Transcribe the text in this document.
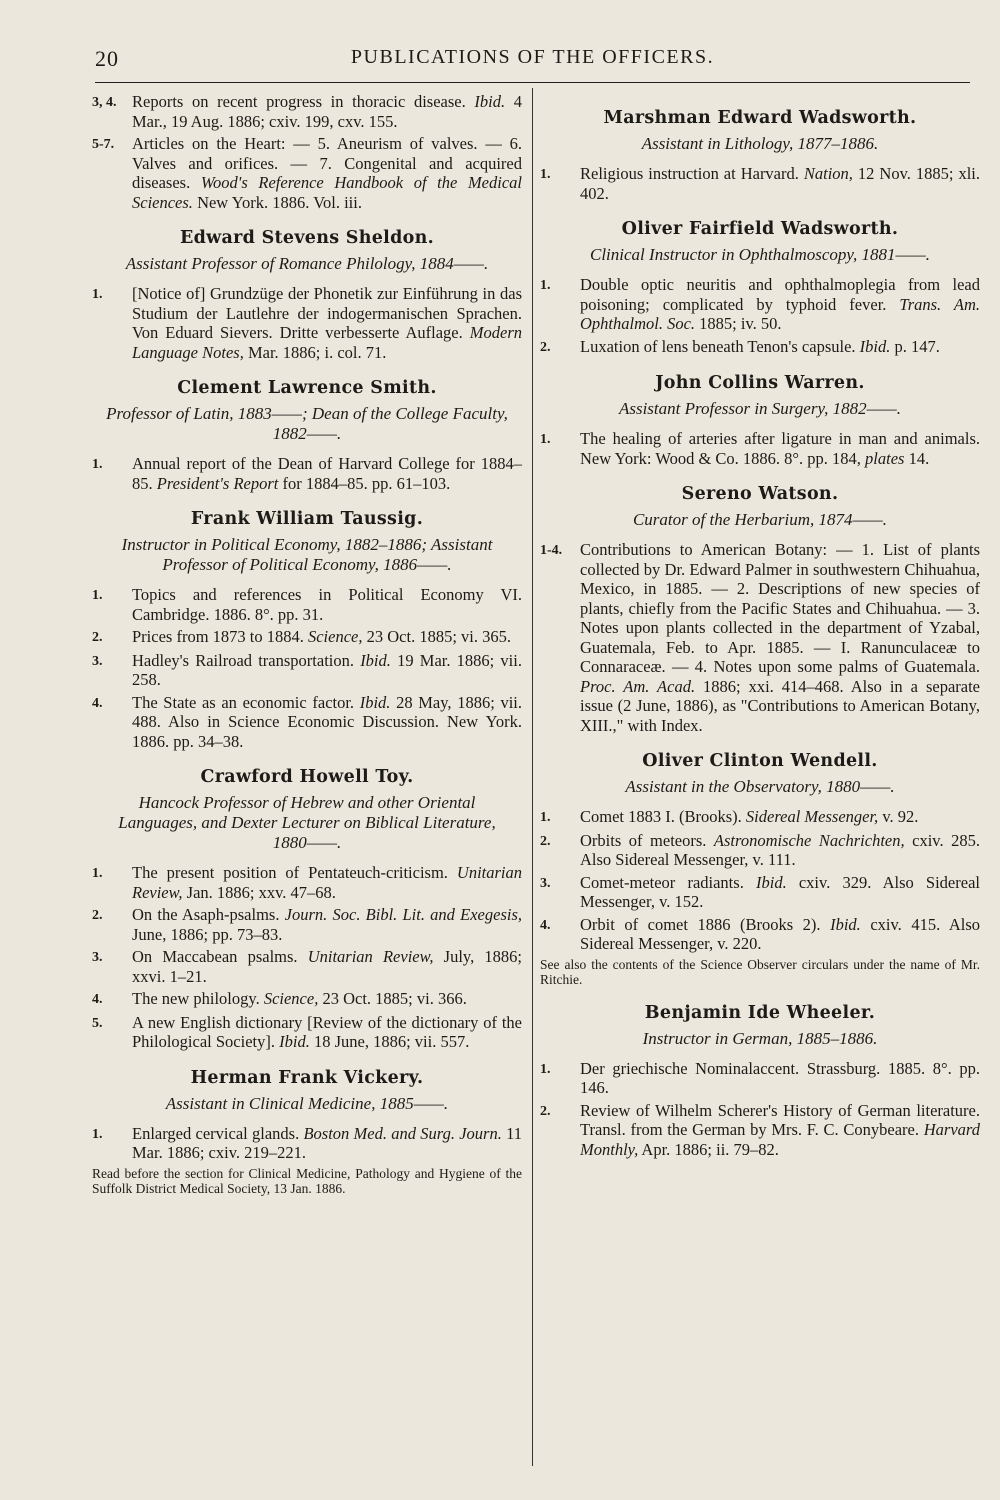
20	PUBLICATIONS OF THE OFFICERS.
3, 4. Reports on recent progress in thoracic disease. Ibid. 4 Mar., 19 Aug. 1886; cxiv. 199, cxv. 155.
5-7.	Articles on the Heart: — 5. Aneurism of valves. — 6. Valves and orifices. — 7. Congenital and acquired diseases. Wood's Reference Handbook of the Medical Sciences. New York. 1886. Vol. iii.
Edward Stevens Sheldon.
Assistant Professor of Romance Philology, 1884——.
1.	[Notice of] Grundzüge der Phonetik zur Einführung in das Studium der Lautlehre der indogermanischen Sprachen. Von Eduard Sievers. Dritte verbesserte Auflage. Modern Language Notes, Mar. 1886; i. col. 71.
Clement Lawrence Smith.
Professor of Latin, 1883——; Dean of the College Faculty, 1882——.
1.	Annual report of the Dean of Harvard College for 1884–85. President's Report for 1884–85. pp. 61–103.
Frank William Taussig.
Instructor in Political Economy, 1882–1886; Assistant Professor of Political Economy, 1886——.
1.	Topics and references in Political Economy VI. Cambridge. 1886. 8°. pp. 31.
2.	Prices from 1873 to 1884. Science, 23 Oct. 1885; vi. 365.
3.	Hadley's Railroad transportation. Ibid. 19 Mar. 1886; vii. 258.
4.	The State as an economic factor. Ibid. 28 May, 1886; vii. 488. Also in Science Economic Discussion. New York. 1886. pp. 34–38.
Crawford Howell Toy.
Hancock Professor of Hebrew and other Oriental Languages, and Dexter Lecturer on Biblical Literature, 1880——.
1.	The present position of Pentateuch-criticism. Unitarian Review, Jan. 1886; xxv. 47–68.
2.	On the Asaph-psalms. Journ. Soc. Bibl. Lit. and Exegesis, June, 1886; pp. 73–83.
3.	On Maccabean psalms. Unitarian Review, July, 1886; xxvi. 1–21.
4.	The new philology. Science, 23 Oct. 1885; vi. 366.
5.	A new English dictionary [Review of the dictionary of the Philological Society]. Ibid. 18 June, 1886; vii. 557.
Herman Frank Vickery.
Assistant in Clinical Medicine, 1885——.
1.	Enlarged cervical glands. Boston Med. and Surg. Journ. 11 Mar. 1886; cxiv. 219–221.
Read before the section for Clinical Medicine, Pathology and Hygiene of the Suffolk District Medical Society, 13 Jan. 1886.
Marshman Edward Wadsworth.
Assistant in Lithology, 1877–1886.
1.	Religious instruction at Harvard. Nation, 12 Nov. 1885; xli. 402.
Oliver Fairfield Wadsworth.
Clinical Instructor in Ophthalmoscopy, 1881——.
1.	Double optic neuritis and ophthalmoplegia from lead poisoning; complicated by typhoid fever. Trans. Am. Ophthalmol. Soc. 1885; iv. 50.
2.	Luxation of lens beneath Tenon's capsule. Ibid. p. 147.
John Collins Warren.
Assistant Professor in Surgery, 1882——.
1.	The healing of arteries after ligature in man and animals. New York: Wood & Co. 1886. 8°. pp. 184, plates 14.
Sereno Watson.
Curator of the Herbarium, 1874——.
1-4.	Contributions to American Botany: — 1. List of plants collected by Dr. Edward Palmer in southwestern Chihuahua, Mexico, in 1885. — 2. Descriptions of new species of plants, chiefly from the Pacific States and Chihuahua. — 3. Notes upon plants collected in the department of Yzabal, Guatemala, Feb. to Apr. 1885. — I. Ranunculaceæ to Connaraceæ. — 4. Notes upon some palms of Guatemala. Proc. Am. Acad. 1886; xxi. 414–468. Also in a separate issue (2 June, 1886), as "Contributions to American Botany, XIII.," with Index.
Oliver Clinton Wendell.
Assistant in the Observatory, 1880——.
1.	Comet 1883 I. (Brooks). Sidereal Messenger, v. 92.
2.	Orbits of meteors. Astronomische Nachrichten, cxiv. 285. Also Sidereal Messenger, v. 111.
3.	Comet-meteor radiants. Ibid. cxiv. 329. Also Sidereal Messenger, v. 152.
4.	Orbit of comet 1886 (Brooks 2). Ibid. cxiv. 415. Also Sidereal Messenger, v. 220.
See also the contents of the Science Observer circulars under the name of Mr. Ritchie.
Benjamin Ide Wheeler.
Instructor in German, 1885–1886.
1.	Der griechische Nominalaccent. Strassburg. 1885. 8°. pp. 146.
2.	Review of Wilhelm Scherer's History of German literature. Transl. from the German by Mrs. F. C. Conybeare. Harvard Monthly, Apr. 1886; ii. 79–82.
